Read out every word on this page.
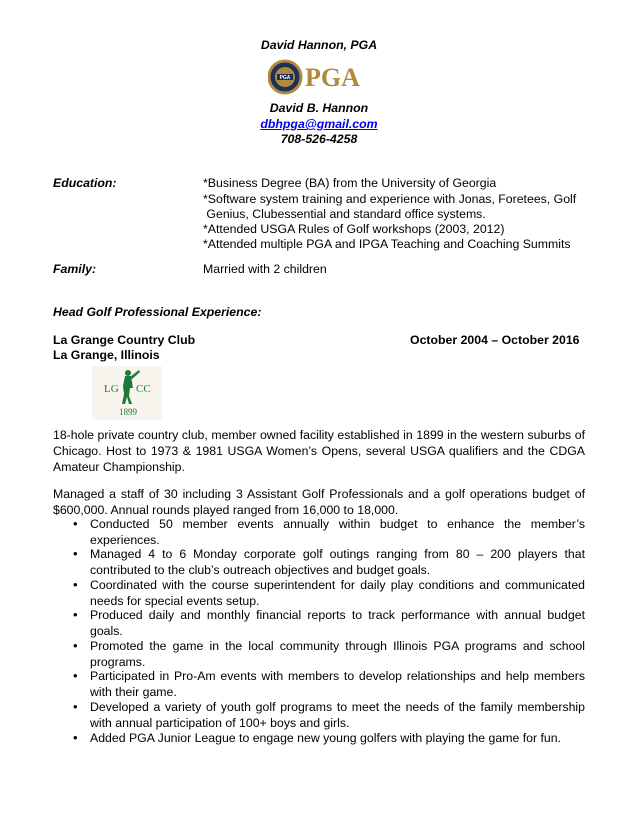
David Hannon, PGA
PGA PGA
David B. Hannon
dbhpga@gmail.com
708-526-4258
Education:	*Business Degree (BA) from the University of Georgia
*Software system training and experience with Jonas, Foretees, Golf
Genius, Clubessential and standard office systems.
*Attended USGA Rules of Golf workshops (2003, 2012)
*Attended multiple PGA and IPGA Teaching and Coaching Summits
Family:	Married with 2 children
Head Golf Professional Experience:
La Grange Country Club	October 2004 – October 2016
La Grange, Illinois
LG CC
1899
18-hole private country club, member owned facility established in 1899 in the western suburbs of Chicago. Host to 1973 & 1981 USGA Women’s Opens, several USGA qualifiers and the CDGA Amateur Championship.
Managed a staff of 30 including 3 Assistant Golf Professionals and a golf operations budget of $600,000. Annual rounds played ranged from 16,000 to 18,000.
• Conducted 50 member events annually within budget to enhance the member’s experiences.
• Managed 4 to 6 Monday corporate golf outings ranging from 80 – 200 players that contributed to the club’s outreach objectives and budget goals.
• Coordinated with the course superintendent for daily play conditions and communicated needs for special events setup.
• Produced daily and monthly financial reports to track performance with annual budget goals.
• Promoted the game in the local community through Illinois PGA programs and school programs.
• Participated in Pro-Am events with members to develop relationships and help members with their game.
• Developed a variety of youth golf programs to meet the needs of the family membership with annual participation of 100+ boys and girls.
• Added PGA Junior League to engage new young golfers with playing the game for fun.
